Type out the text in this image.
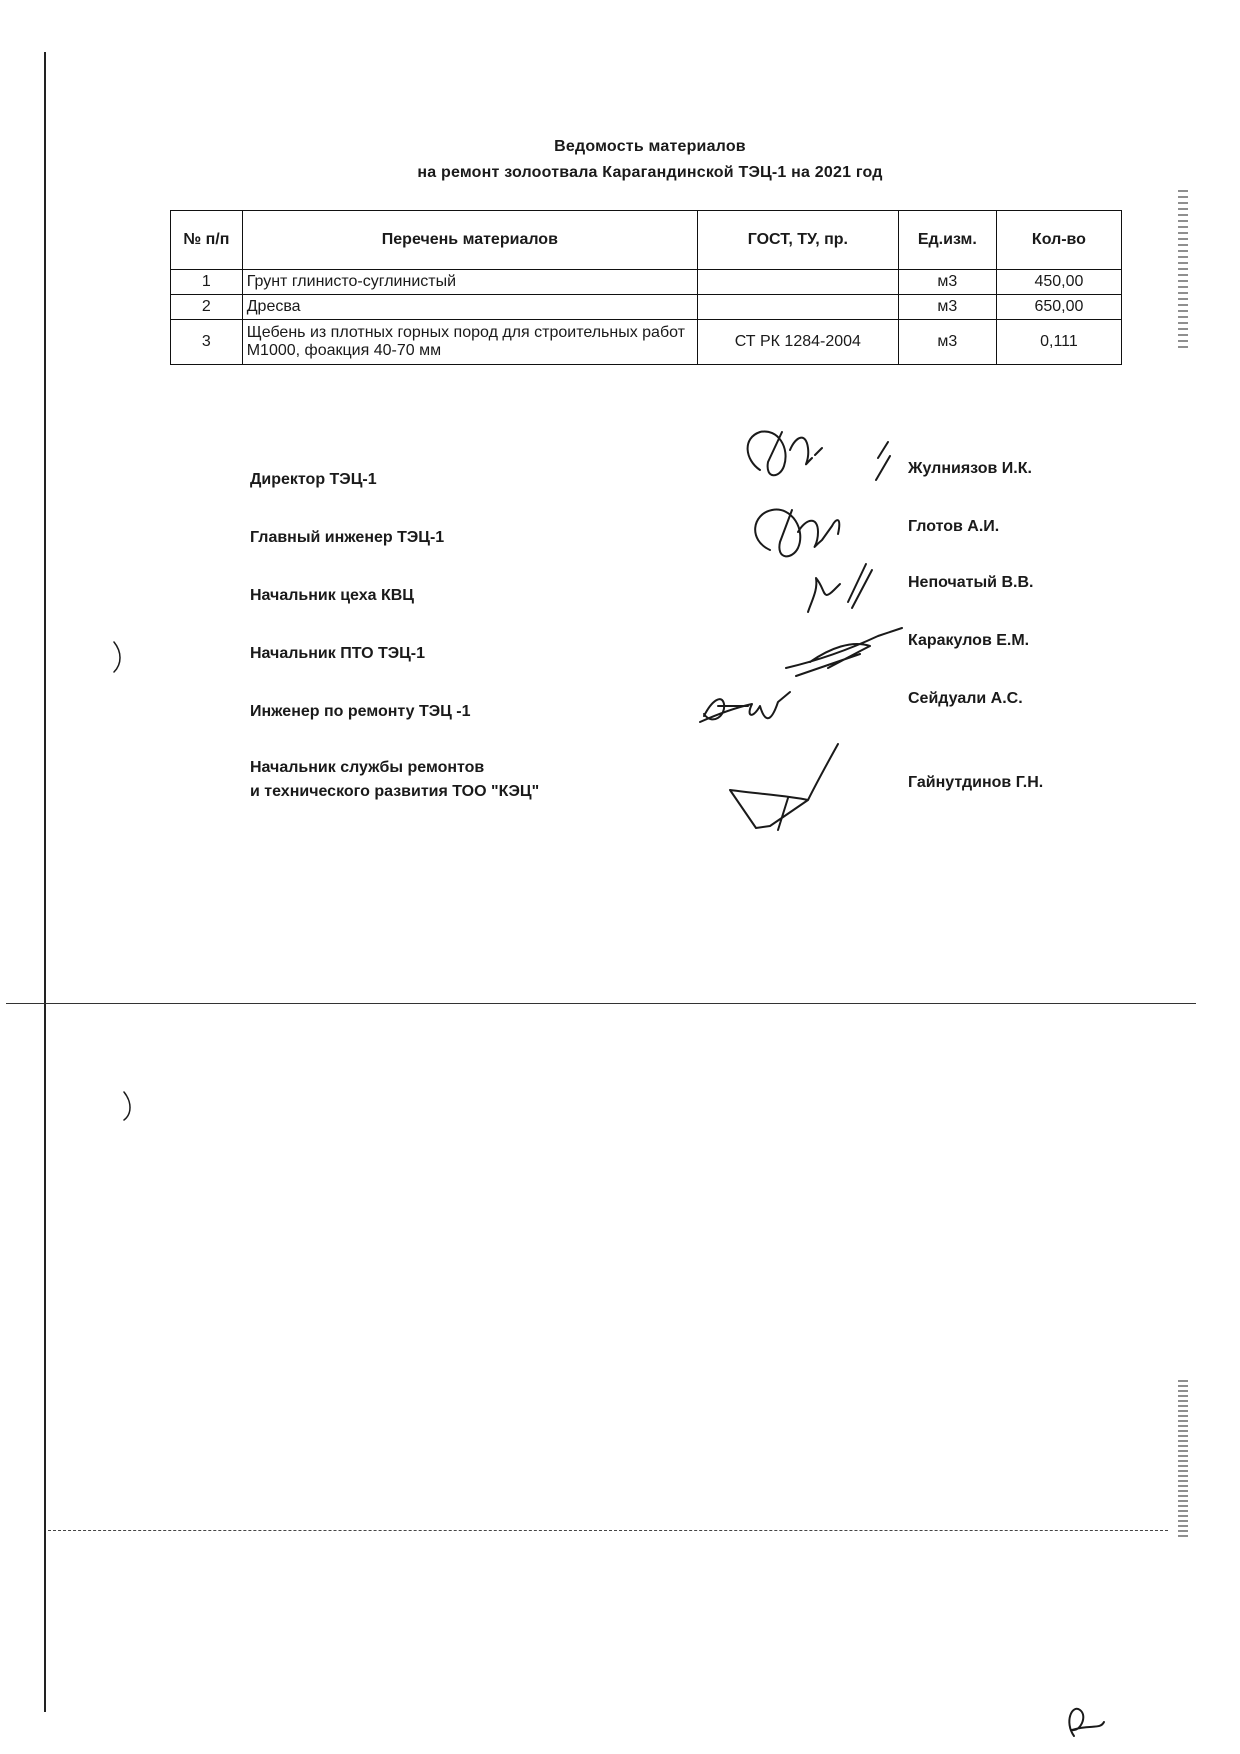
Ведомость материалов
на ремонт золоотвала Карагандинской ТЭЦ-1 на 2021 год
№ п/п	Перечень материалов	ГОСТ, ТУ, пр.	Ед.изм.	Кол-во
1	Грунт глинисто-суглинистый		м3	450,00
2	Дресва		м3	650,00
3	Щебень из плотных горных пород для строительных работ М1000, фоакция 40-70 мм	СТ РК 1284-2004	м3	0,111
Директор ТЭЦ-1
Жулниязов И.К.
Главный инженер ТЭЦ-1
Глотов А.И.
Начальник цеха КВЦ
Непочатый В.В.
Начальник ПТО ТЭЦ-1
Каракулов Е.М.
Инженер по ремонту ТЭЦ -1
Сейдуали А.С.
Начальник службы ремонтов
и технического развития ТОО "КЭЦ"
Гайнутдинов Г.Н.
